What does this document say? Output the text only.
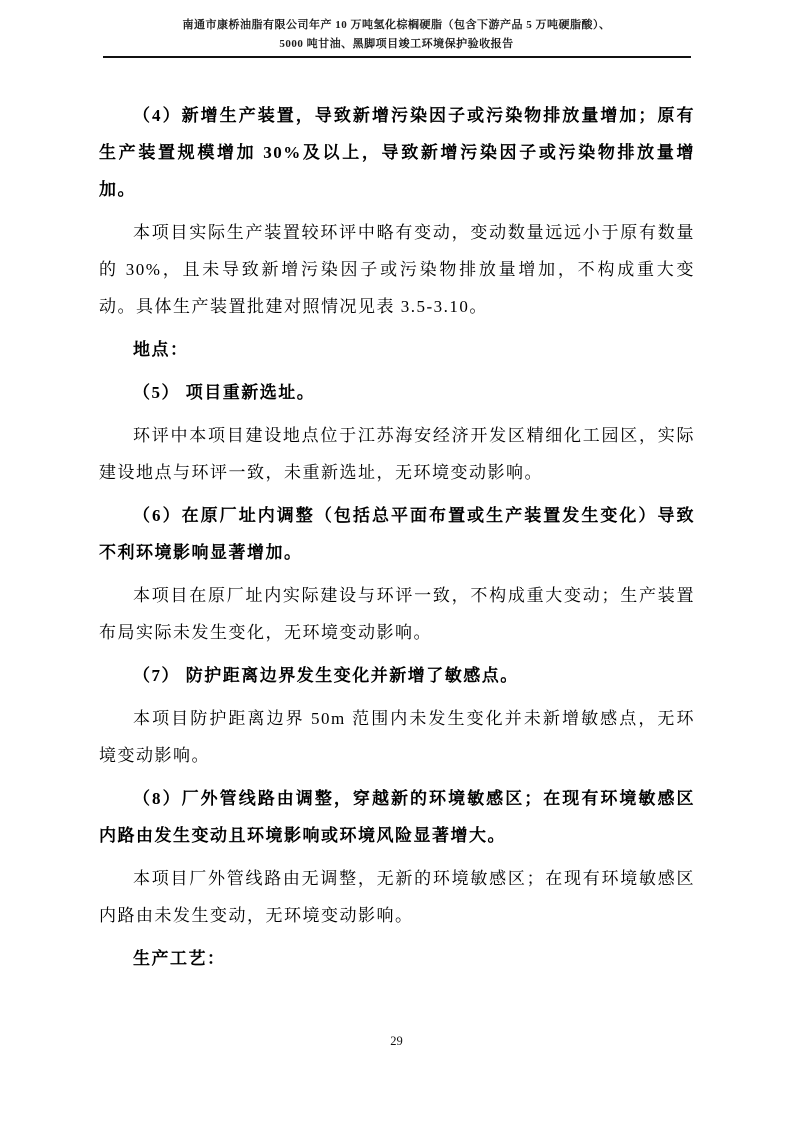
南通市康桥油脂有限公司年产 10 万吨氢化棕榈硬脂（包含下游产品 5 万吨硬脂酸）、
5000 吨甘油、黑脚项目竣工环境保护验收报告
（4）新增生产装置，导致新增污染因子或污染物排放量增加；原有生产装置规模增加 30%及以上，导致新增污染因子或污染物排放量增加。
本项目实际生产装置较环评中略有变动，变动数量远远小于原有数量的 30%，且未导致新增污染因子或污染物排放量增加，不构成重大变动。具体生产装置批建对照情况见表 3.5-3.10。
地点：
（5） 项目重新选址。
环评中本项目建设地点位于江苏海安经济开发区精细化工园区，实际建设地点与环评一致，未重新选址，无环境变动影响。
（6）在原厂址内调整（包括总平面布置或生产装置发生变化）导致不利环境影响显著增加。
本项目在原厂址内实际建设与环评一致，不构成重大变动；生产装置布局实际未发生变化，无环境变动影响。
（7） 防护距离边界发生变化并新增了敏感点。
本项目防护距离边界 50m 范围内未发生变化并未新增敏感点，无环境变动影响。
（8）厂外管线路由调整，穿越新的环境敏感区；在现有环境敏感区内路由发生变动且环境影响或环境风险显著增大。
本项目厂外管线路由无调整，无新的环境敏感区；在现有环境敏感区内路由未发生变动，无环境变动影响。
生产工艺：
29
